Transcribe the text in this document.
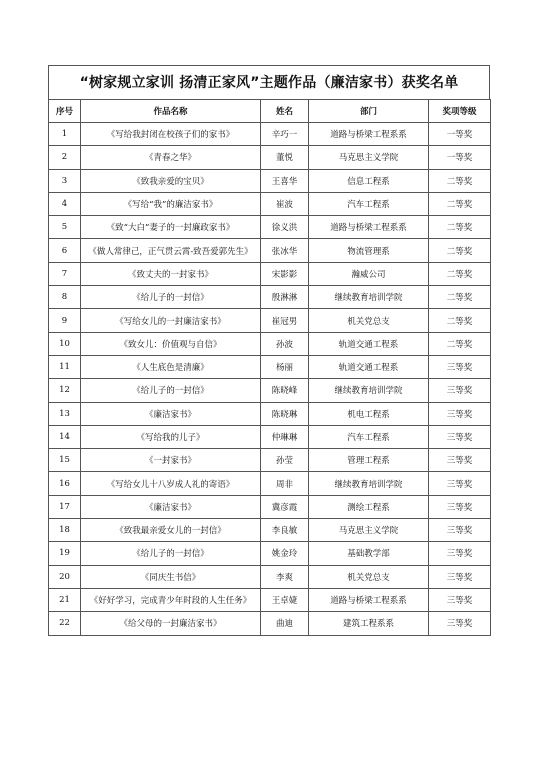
“树家规立家训 扬清正家风”主题作品（廉洁家书）获奖名单
序号	作品名称	姓名	部门	奖项等级
1	《写给我封闭在校孩子们的家书》	辛巧一	道路与桥梁工程系系	一等奖
2	《青春之华》	董悦	马克思主义学院	一等奖
3	《致我亲爱的宝贝》	王喜华	信息工程系	二等奖
4	《写给“我”的廉洁家书》	崔波	汽车工程系	二等奖
5	《致“大白”妻子的一封廉政家书》	徐义洪	道路与桥梁工程系系	二等奖
6	《做人常律己，正气贯云霄-致吾爱郭先生》	张冰华	物流管理系	二等奖
7	《致丈夫的一封家书》	宋影影	瀚威公司	二等奖
8	《给儿子的一封信》	殷淋淋	继续教育培训学院	二等奖
9	《写给女儿的一封廉洁家书》	崔冠男	机关党总支	二等奖
10	《致女儿：价值观与自信》	孙波	轨道交通工程系	二等奖
11	《人生底色是清廉》	杨丽	轨道交通工程系	三等奖
12	《给儿子的一封信》	陈晓峰	继续教育培训学院	三等奖
13	《廉洁家书》	陈晓琳	机电工程系	三等奖
14	《写给我的儿子》	仲琳琳	汽车工程系	三等奖
15	《一封家书》	孙莹	管理工程系	三等奖
16	《写给女儿十八岁成人礼的寄语》	周非	继续教育培训学院	三等奖
17	《廉洁家书》	冀彦霞	测绘工程系	三等奖
18	《致我最亲爱女儿的一封信》	李良敏	马克思主义学院	三等奖
19	《给儿子的一封信》	姚金玲	基础教学部	三等奖
20	《同庆生书信》	李爽	机关党总支	三等奖
21	《好好学习，完成青少年时段的人生任务》	王卓婕	道路与桥梁工程系系	三等奖
22	《给父母的一封廉洁家书》	曲迪	建筑工程系系	三等奖
